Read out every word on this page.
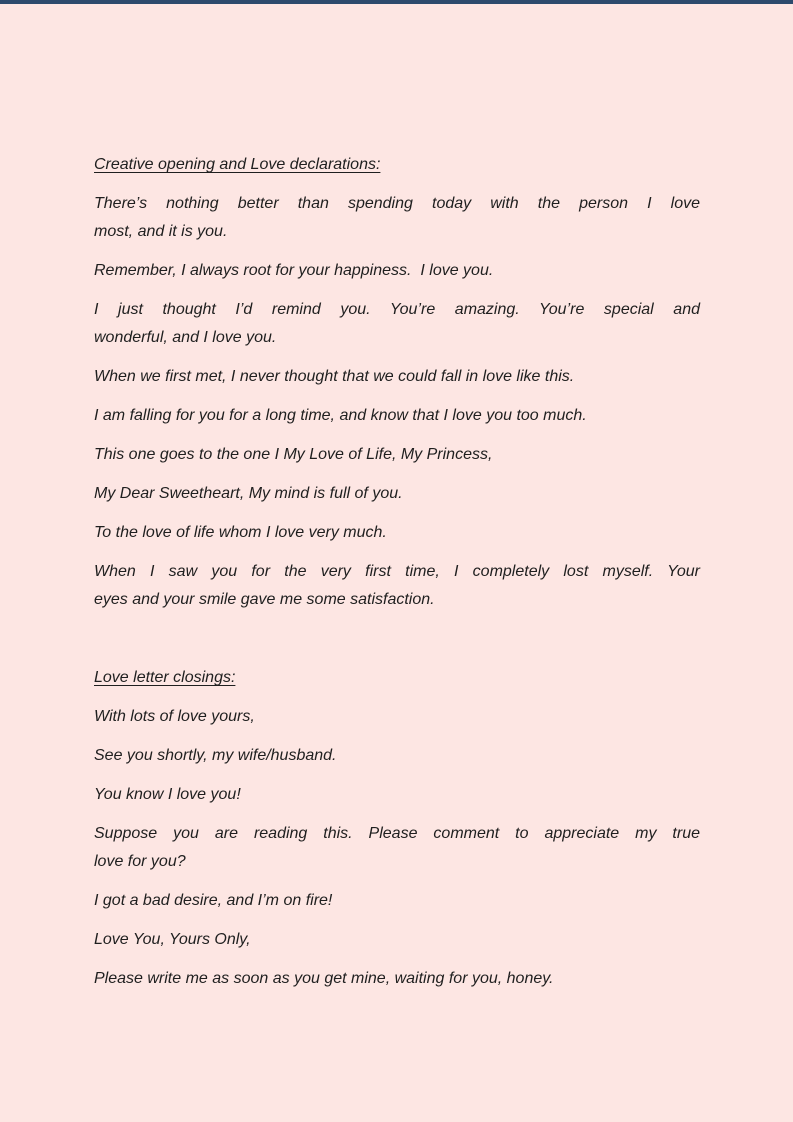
Creative opening and Love declarations:

There’s nothing better than spending today with the person I love
most, and it is you.

Remember, I always root for your happiness.  I love you.

I just thought I’d remind you. You’re amazing. You’re special and
wonderful, and I love you.

When we first met, I never thought that we could fall in love like this.

I am falling for you for a long time, and know that I love you too much.

This one goes to the one I My Love of Life, My Princess,

My Dear Sweetheart, My mind is full of you.

To the love of life whom I love very much.

When I saw you for the very first time, I completely lost myself. Your
eyes and your smile gave me some satisfaction.

Love letter closings:

With lots of love yours,

See you shortly, my wife/husband.

You know I love you!

Suppose you are reading this. Please comment to appreciate my true
love for you?

I got a bad desire, and I’m on fire!

Love You, Yours Only,

Please write me as soon as you get mine, waiting for you, honey.
